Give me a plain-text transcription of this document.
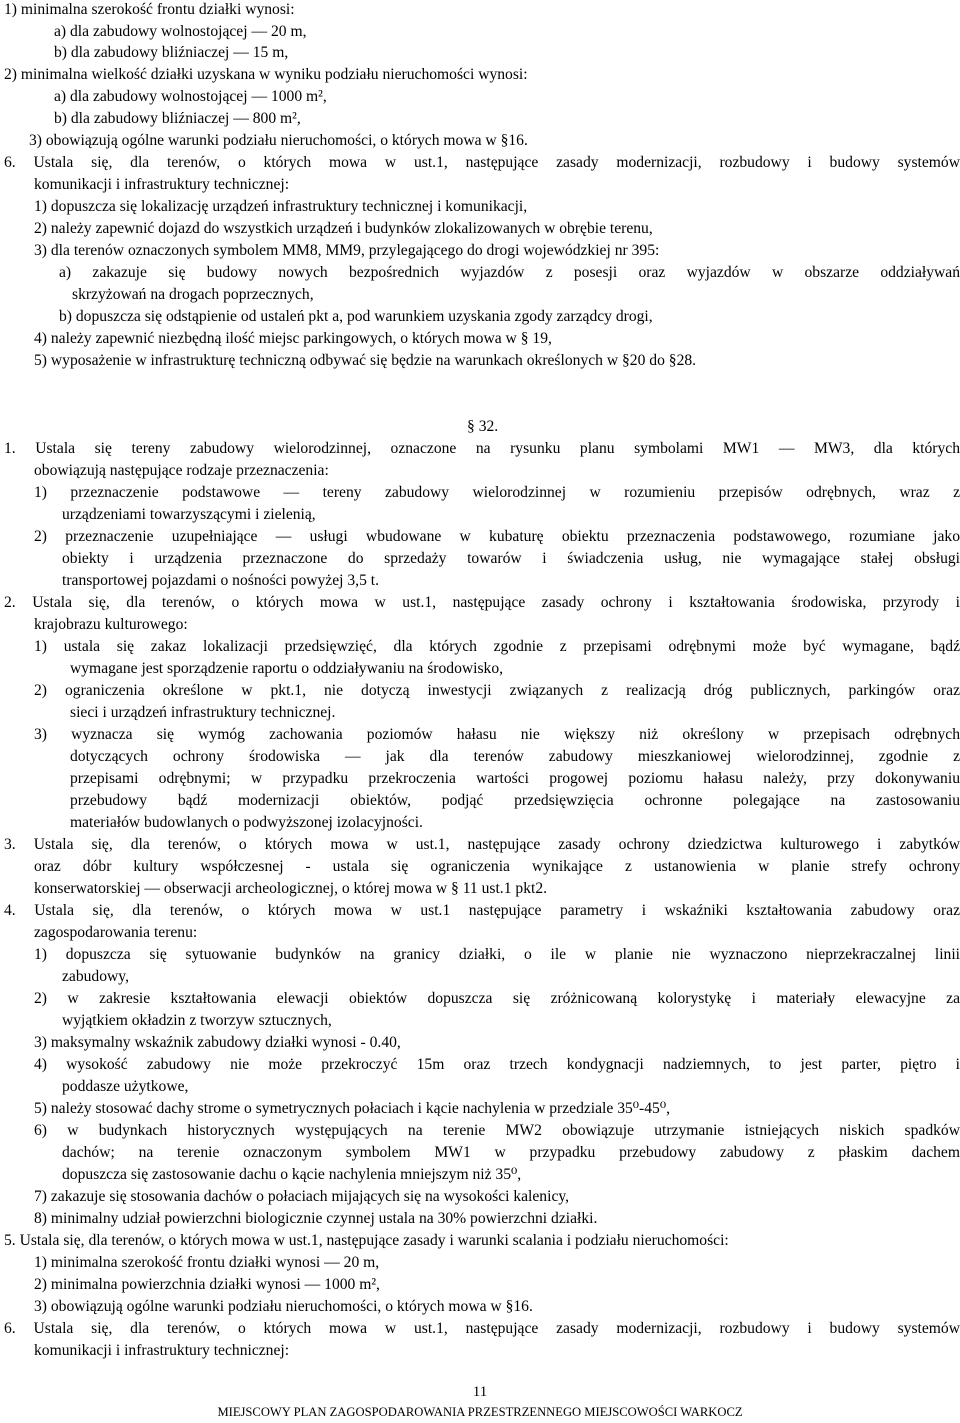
1) minimalna szerokość frontu działki wynosi:
a) dla zabudowy wolnostojącej — 20 m,
b) dla zabudowy bliźniaczej — 15 m,
2) minimalna wielkość działki uzyskana w wyniku podziału nieruchomości wynosi:
a) dla zabudowy wolnostojącej — 1000 m²,
b) dla zabudowy bliźniaczej — 800 m²,
3) obowiązują ogólne warunki podziału nieruchomości, o których mowa w §16.
6. Ustala się, dla terenów, o których mowa w ust.1, następujące zasady modernizacji, rozbudowy i budowy systemów
komunikacji i infrastruktury technicznej:
1) dopuszcza się lokalizację urządzeń infrastruktury technicznej i komunikacji,
2) należy zapewnić dojazd do wszystkich urządzeń i budynków zlokalizowanych w obrębie terenu,
3) dla terenów oznaczonych symbolem MM8, MM9, przylegającego do drogi wojewódzkiej nr 395:
a) zakazuje się budowy nowych bezpośrednich wyjazdów z posesji oraz wyjazdów w obszarze oddziaływań
skrzyżowań na drogach poprzecznych,
b) dopuszcza się odstąpienie od ustaleń pkt a, pod warunkiem uzyskania zgody zarządcy drogi,
4) należy zapewnić niezbędną ilość miejsc parkingowych, o których mowa w § 19,
5) wyposażenie w infrastrukturę techniczną odbywać się będzie na warunkach określonych w §20 do §28.
§ 32.
1. Ustala się tereny zabudowy wielorodzinnej, oznaczone na rysunku planu symbolami MW1 — MW3, dla których
obowiązują następujące rodzaje przeznaczenia:
1) przeznaczenie podstawowe — tereny zabudowy wielorodzinnej w rozumieniu przepisów odrębnych, wraz z
urządzeniami towarzyszącymi i zielenią,
2) przeznaczenie uzupełniające — usługi wbudowane w kubaturę obiektu przeznaczenia podstawowego, rozumiane jako
obiekty i urządzenia przeznaczone do sprzedaży towarów i świadczenia usług, nie wymagające stałej obsługi
transportowej pojazdami o nośności powyżej 3,5 t.
2. Ustala się, dla terenów, o których mowa w ust.1, następujące zasady ochrony i kształtowania środowiska, przyrody i
krajobrazu kulturowego:
1) ustala się zakaz lokalizacji przedsięwzięć, dla których zgodnie z przepisami odrębnymi może być wymagane, bądź
wymagane jest sporządzenie raportu o oddziaływaniu na środowisko,
2) ograniczenia określone w pkt.1, nie dotyczą inwestycji związanych z realizacją dróg publicznych, parkingów oraz
sieci i urządzeń infrastruktury technicznej.
3) wyznacza się wymóg zachowania poziomów hałasu nie większy niż określony w przepisach odrębnych
dotyczących ochrony środowiska — jak dla terenów zabudowy mieszkaniowej wielorodzinnej, zgodnie z
przepisami odrębnymi; w przypadku przekroczenia wartości progowej poziomu hałasu należy, przy dokonywaniu
przebudowy bądź modernizacji obiektów, podjąć przedsięwzięcia ochronne polegające na zastosowaniu
materiałów budowlanych o podwyższonej izolacyjności.
3. Ustala się, dla terenów, o których mowa w ust.1, następujące zasady ochrony dziedzictwa kulturowego i zabytków
oraz dóbr kultury współczesnej - ustala się ograniczenia wynikające z ustanowienia w planie strefy ochrony
konserwatorskiej — obserwacji archeologicznej, o której mowa w § 11 ust.1 pkt2.
4. Ustala się, dla terenów, o których mowa w ust.1 następujące parametry i wskaźniki kształtowania zabudowy oraz
zagospodarowania terenu:
1) dopuszcza się sytuowanie budynków na granicy działki, o ile w planie nie wyznaczono nieprzekraczalnej linii
zabudowy,
2) w zakresie kształtowania elewacji obiektów dopuszcza się zróżnicowaną kolorystykę i materiały elewacyjne za
wyjątkiem okładzin z tworzyw sztucznych,
3) maksymalny wskaźnik zabudowy działki wynosi - 0.40,
4) wysokość zabudowy nie może przekroczyć 15m oraz trzech kondygnacji nadziemnych, to jest parter, piętro i
poddasze użytkowe,
5) należy stosować dachy strome o symetrycznych połaciach i kącie nachylenia w przedziale 35⁰-45⁰,
6) w budynkach historycznych występujących na terenie MW2 obowiązuje utrzymanie istniejących niskich spadków
dachów; na terenie oznaczonym symbolem MW1 w przypadku przebudowy zabudowy z płaskim dachem
dopuszcza się zastosowanie dachu o kącie nachylenia mniejszym niż 35⁰,
7) zakazuje się stosowania dachów o połaciach mijających się na wysokości kalenicy,
8) minimalny udział powierzchni biologicznie czynnej ustala na 30% powierzchni działki.
5. Ustala się, dla terenów, o których mowa w ust.1, następujące zasady i warunki scalania i podziału nieruchomości:
1) minimalna szerokość frontu działki wynosi — 20 m,
2) minimalna powierzchnia działki wynosi — 1000 m²,
3) obowiązują ogólne warunki podziału nieruchomości, o których mowa w §16.
6. Ustala się, dla terenów, o których mowa w ust.1, następujące zasady modernizacji, rozbudowy i budowy systemów
komunikacji i infrastruktury technicznej:
11
MIEJSCOWY PLAN ZAGOSPODAROWANIA PRZESTRZENNEGO MIEJSCOWOŚCI WARKOCZ
